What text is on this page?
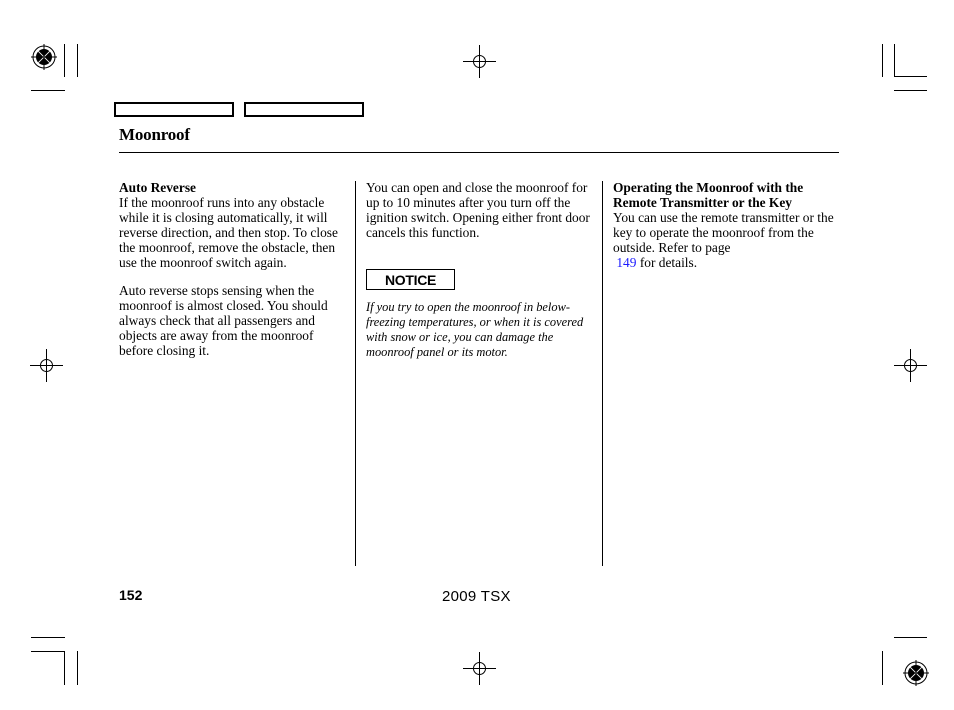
Moonroof

Auto Reverse

If the moonroof runs into any obstacle while it is closing automatically, it will reverse direction, and then stop. To close the moonroof, remove the obstacle, then use the moonroof switch again.

Auto reverse stops sensing when the moonroof is almost closed. You should always check that all passengers and objects are away from the moonroof before closing it.

You can open and close the moonroof for up to 10 minutes after you turn off the ignition switch. Opening either front door cancels this function.

NOTICE
If you try to open the moonroof in below-freezing temperatures, or when it is covered with snow or ice, you can damage the moonroof panel or its motor.

Operating the Moonroof with the Remote Transmitter or the Key

You can use the remote transmitter or the key to operate the moonroof from the outside. Refer to page
149 for details.

152	2009 TSX
